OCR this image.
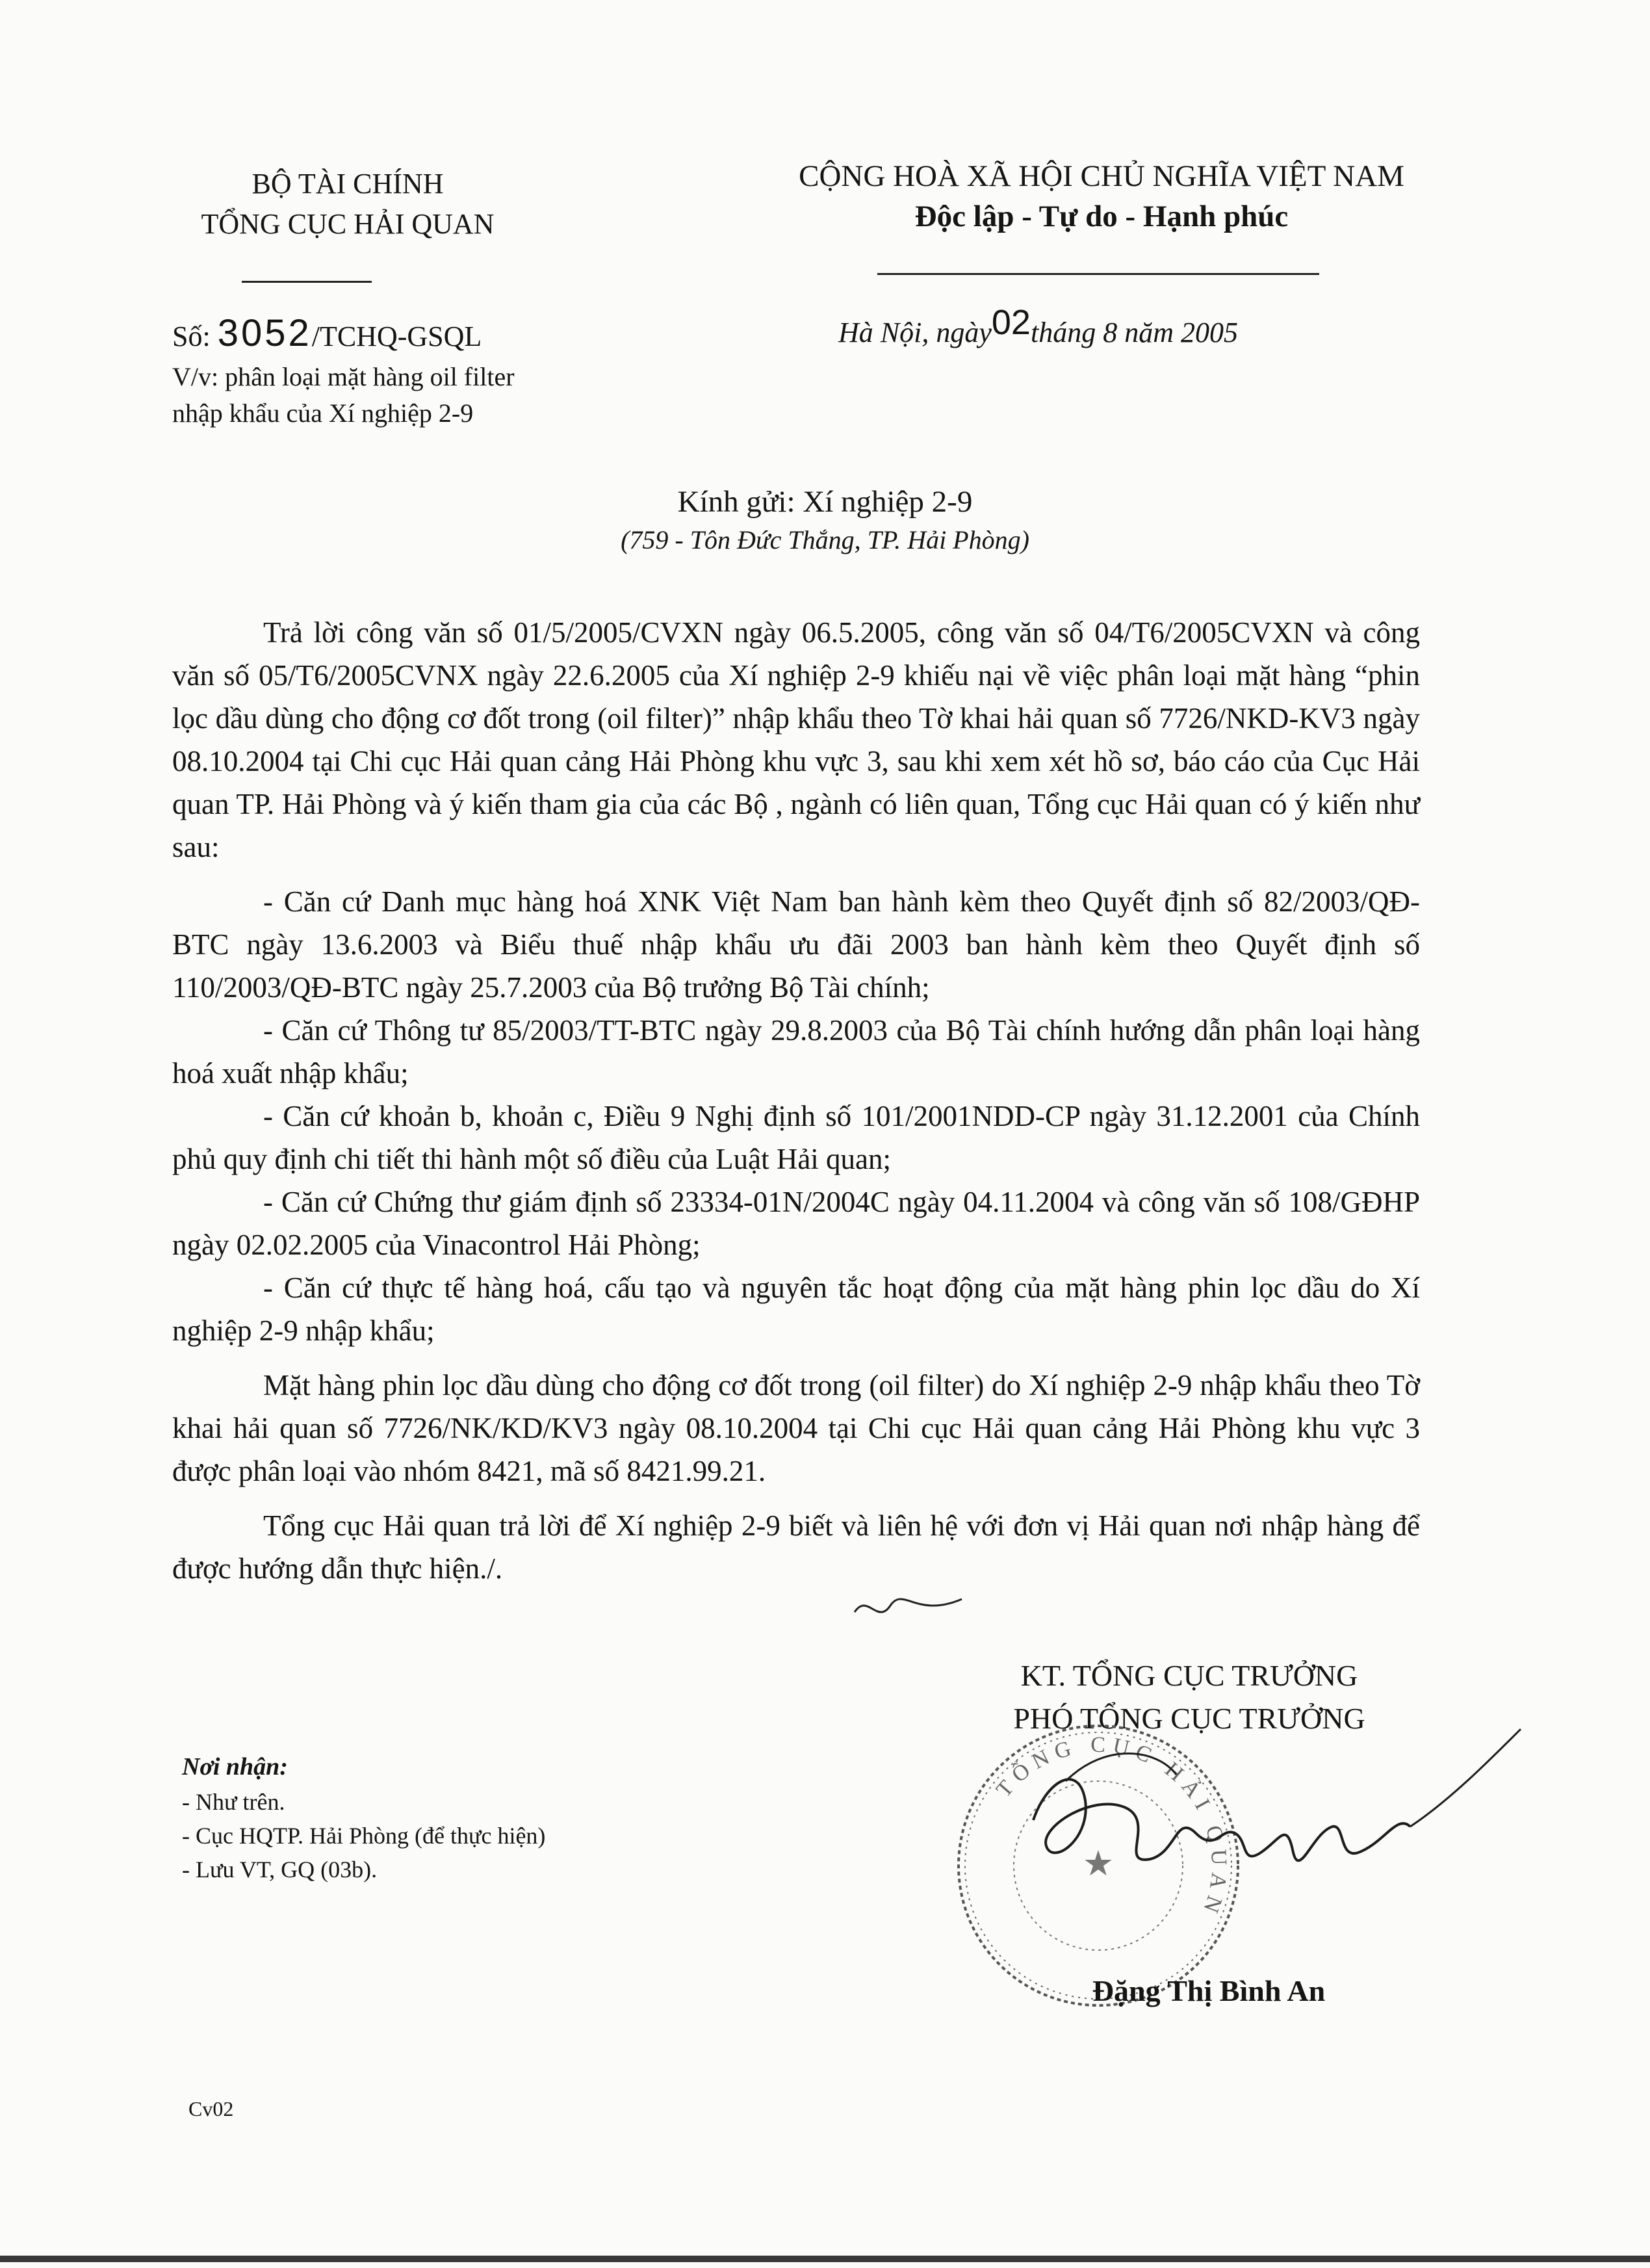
BỘ TÀI CHÍNH
TỔNG CỤC HẢI QUAN
CỘNG HOÀ XÃ HỘI CHỦ NGHĨA VIỆT NAM
Độc lập - Tự do - Hạnh phúc
Số: 3052/TCHQ-GSQL
V/v: phân loại mặt hàng oil filter
nhập khẩu của Xí nghiệp 2-9
Hà Nội, ngày02tháng 8 năm 2005
Kính gửi: Xí nghiệp 2-9
(759 - Tôn Đức Thắng, TP. Hải Phòng)

Trả lời công văn số 01/5/2005/CVXN ngày 06.5.2005, công văn số 04/T6/2005CVXN và công văn số 05/T6/2005CVNX ngày 22.6.2005 của Xí nghiệp 2-9 khiếu nại về việc phân loại mặt hàng “phin lọc dầu dùng cho động cơ đốt trong (oil filter)” nhập khẩu theo Tờ khai hải quan số 7726/NKD-KV3 ngày 08.10.2004 tại Chi cục Hải quan cảng Hải Phòng khu vực 3, sau khi xem xét hồ sơ, báo cáo của Cục Hải quan TP. Hải Phòng và ý kiến tham gia của các Bộ , ngành có liên quan, Tổng cục Hải quan có ý kiến như sau:

- Căn cứ Danh mục hàng hoá XNK Việt Nam ban hành kèm theo Quyết định số 82/2003/QĐ- BTC ngày 13.6.2003 và Biểu thuế nhập khẩu ưu đãi 2003 ban hành kèm theo Quyết định số 110/2003/QĐ-BTC ngày 25.7.2003 của Bộ trưởng Bộ Tài chính;

- Căn cứ Thông tư 85/2003/TT-BTC ngày 29.8.2003 của Bộ Tài chính hướng dẫn phân loại hàng hoá xuất nhập khẩu;

- Căn cứ khoản b, khoản c, Điều 9 Nghị định số 101/2001NDD-CP ngày 31.12.2001 của Chính phủ quy định chi tiết thi hành một số điều của Luật Hải quan;

- Căn cứ Chứng thư giám định số 23334-01N/2004C ngày 04.11.2004 và công văn số 108/GĐHP ngày 02.02.2005 của Vinacontrol Hải Phòng;

- Căn cứ thực tế hàng hoá, cấu tạo và nguyên tắc hoạt động của mặt hàng phin lọc dầu do Xí nghiệp 2-9 nhập khẩu;

Mặt hàng phin lọc dầu dùng cho động cơ đốt trong (oil filter) do Xí nghiệp 2-9 nhập khẩu theo Tờ khai hải quan số 7726/NK/KD/KV3 ngày 08.10.2004 tại Chi cục Hải quan cảng Hải Phòng khu vực 3 được phân loại vào nhóm 8421, mã số 8421.99.21.

Tổng cục Hải quan trả lời để Xí nghiệp 2-9 biết và liên hệ với đơn vị Hải quan nơi nhập hàng để được hướng dẫn thực hiện./.

KT. TỔNG CỤC TRƯỞNG
PHÓ TỔNG CỤC TRƯỞNG
TỔNG CỤC HẢI QUAN
★
Đặng Thị Bình An
Nơi nhận:
- Như trên.
- Cục HQTP. Hải Phòng (để thực hiện)
- Lưu VT, GQ (03b).
Cv02
